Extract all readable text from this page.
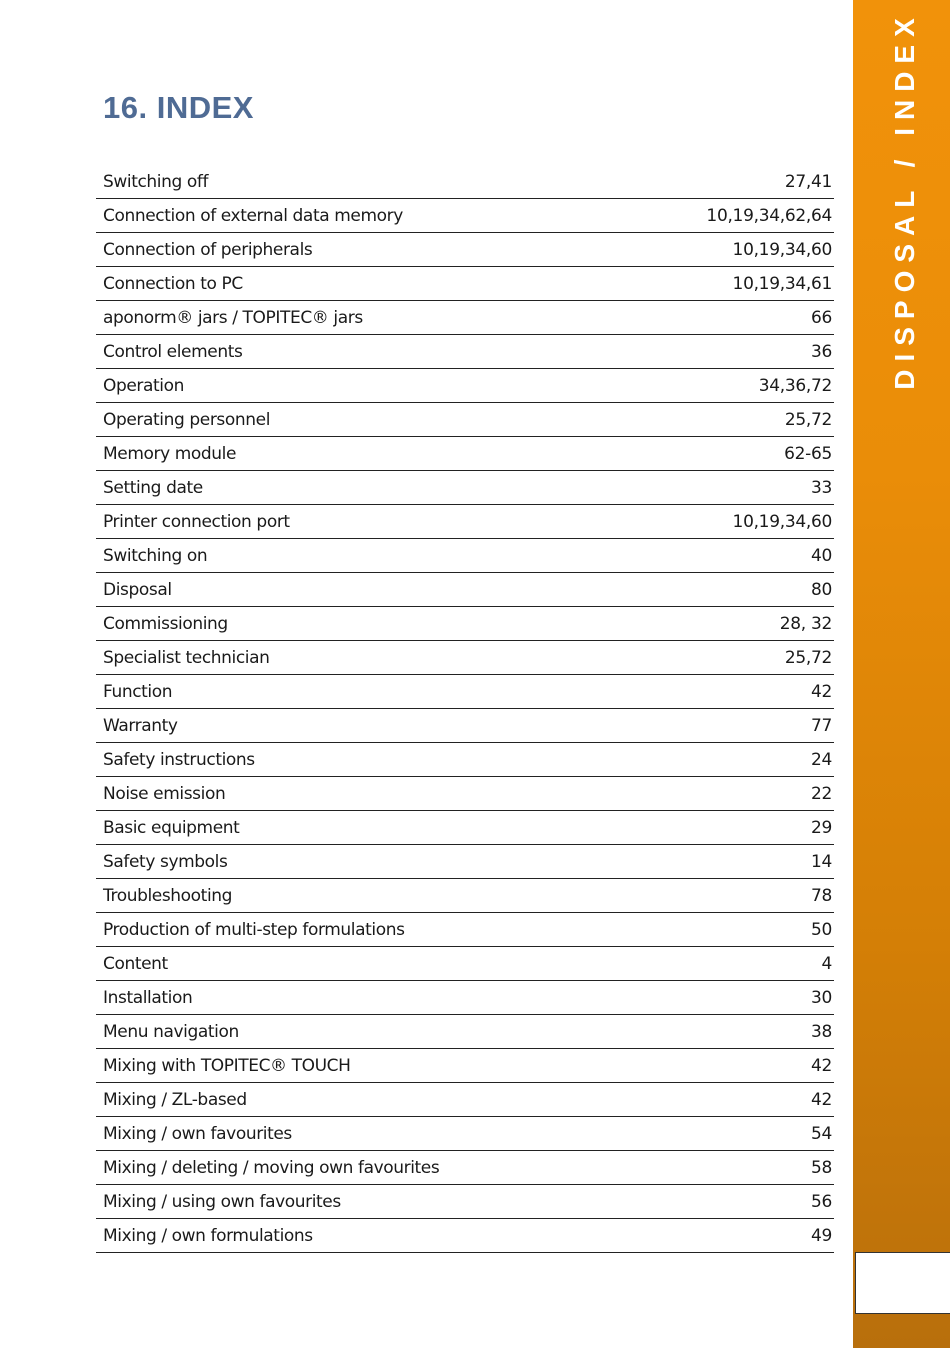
16. INDEX
Switching off	27,41
Connection of external data memory	10,19,34,62,64
Connection of peripherals	10,19,34,60
Connection to PC	10,19,34,61
aponorm® jars / TOPITEC® jars	66
Control elements	36
Operation	34,36,72
Operating personnel	25,72
Memory module	62-65
Setting date	33
Printer connection port	10,19,34,60
Switching on	40
Disposal	80
Commissioning	28, 32
Specialist technician	25,72
Function	42
Warranty	77
Safety instructions	24
Noise emission	22
Basic equipment	29
Safety symbols	14
Troubleshooting	78
Production of multi-step formulations	50
Content	4
Installation	30
Menu navigation	38
Mixing with TOPITEC® TOUCH	42
Mixing / ZL-based	42
Mixing / own favourites	54
Mixing / deleting / moving own favourites	58
Mixing / using own favourites	56
Mixing / own formulations	49
DISPOSAL / INDEX
